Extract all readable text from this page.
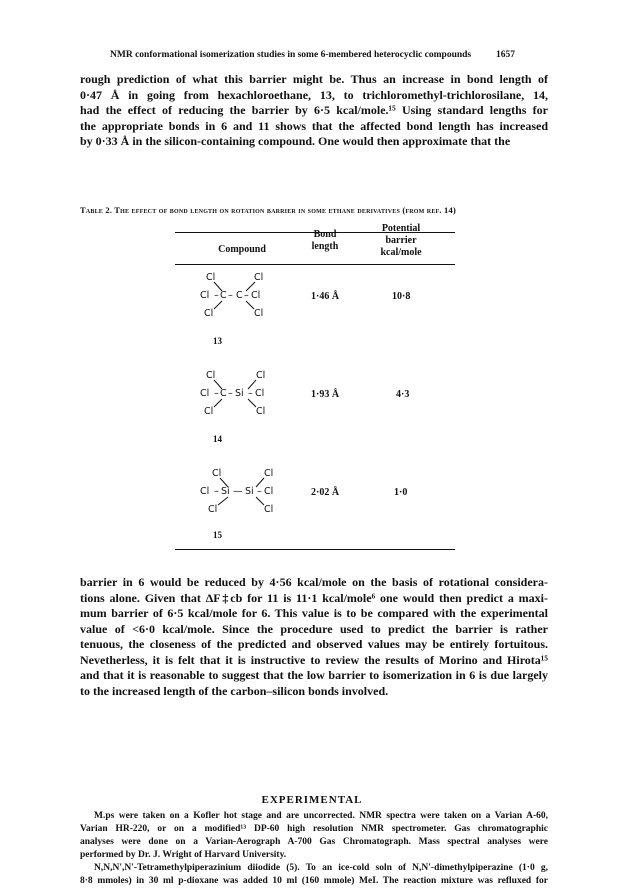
NMR conformational isomerization studies in some 6-membered heterocyclic compounds	1657
rough prediction of what this barrier might be. Thus an increase in bond length of
0·47 Å in going from hexachloroethane, 13, to trichloromethyl-trichlorosilane, 14,
had the effect of reducing the barrier by 6·5 kcal/mole.¹⁵ Using standard lengths for
the appropriate bonds in 6 and 11 shows that the affected bond length has increased
by 0·33 Å in the silicon-containing compound. One would then approximate that the
Table 2. The effect of bond length on rotation barrier in some ethane derivatives (from ref. 14)
Compound
Bond
length
Potential
barrier
kcal/mole
Cl	Cl
Cl – C – C – Cl
Cl	Cl
13
1·46 Å	10·8
Cl	Cl
Cl – C – Si – Cl
Cl	Cl
14
1·93 Å	4·3
Cl	Cl
Cl – Si — Si – Cl
Cl	Cl
15
2·02 Å	1·0
barrier in 6 would be reduced by 4·56 kcal/mole on the basis of rotational considera-
tions alone. Given that ΔF‡cb for 11 is 11·1 kcal/mole⁶ one would then predict a maxi-
mum barrier of 6·5 kcal/mole for 6. This value is to be compared with the experimental
value of <6·0 kcal/mole. Since the procedure used to predict the barrier is rather
tenuous, the closeness of the predicted and observed values may be entirely fortuitous.
Nevetherless, it is felt that it is instructive to review the results of Morino and Hirota¹⁵
and that it is reasonable to suggest that the low barrier to isomerization in 6 is due largely
to the increased length of the carbon–silicon bonds involved.
EXPERIMENTAL
M.ps were taken on a Kofler hot stage and are uncorrected. NMR spectra were taken on a Varian A-60,
Varian HR-220, or on a modified¹³ DP-60 high resolution NMR spectrometer. Gas chromatographic
analyses were done on a Varian-Aerograph A-700 Gas Chromatograph. Mass spectral analyses were
performed by Dr. J. Wright of Harvard University.
N,N,N′,N′-Tetramethylpiperazinium diiodide (5). To an ice-cold soln of N,N′-dimethylpiperazine (1·0 g,
8·8 mmoles) in 30 ml p-dioxane was added 10 ml (160 mmole) MeI. The reaction mixture was refluxed for
